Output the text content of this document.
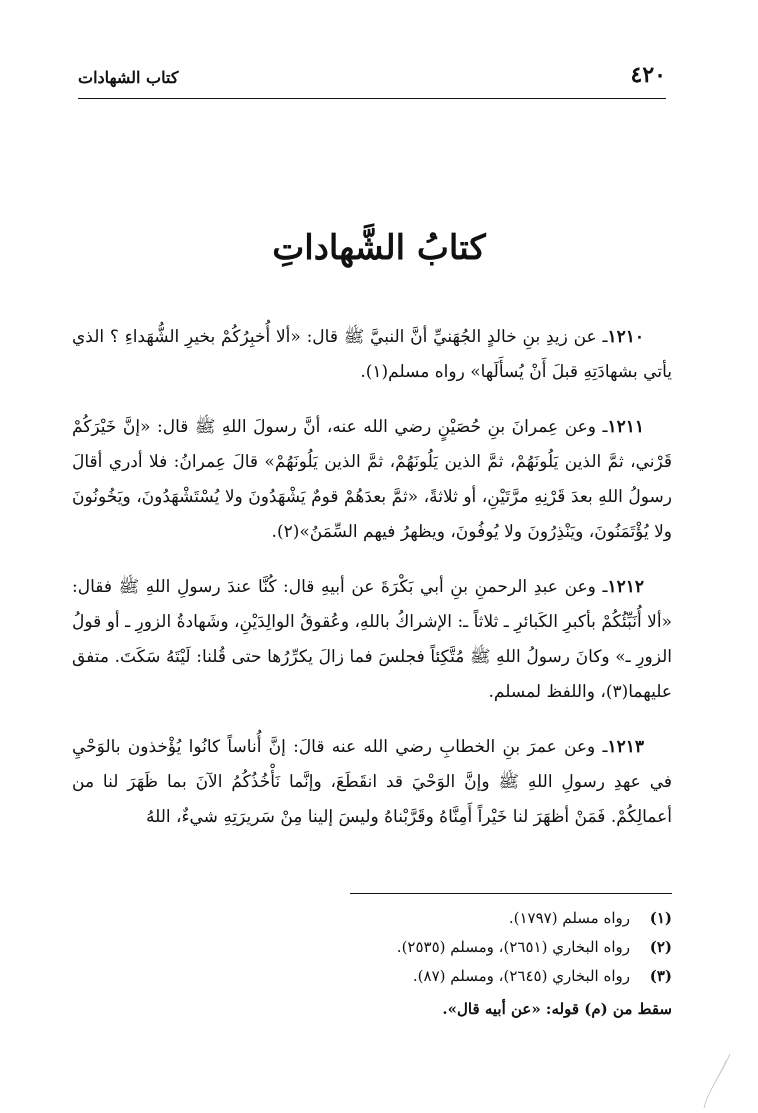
٤٢٠
كتاب الشهادات
كتابُ الشَّهاداتِ

١٢١٠ـ عن زيدِ بنِ خالدٍ الجُهَنيِّ أنَّ النبيَّ ﷺ قال: «ألا أُخبِرُكُمْ بخيرِ الشُّهَداءِ ؟ الذي يأتي بشهادَتِهِ قبلَ أَنْ يُسأَلَها» رواه مسلم(١).

١٢١١ـ وعن عِمرانَ بنِ حُصَيْنٍ رضي الله عنه، أنَّ رسولَ اللهِ ﷺ قال: «إنَّ خَيْرَكُمْ قَرْني، ثمَّ الذين يَلُونَهُمْ، ثمَّ الذين يَلُونَهُمْ، ثمَّ الذين يَلُونَهُمْ» قالَ عِمرانُ: فلا أدري أقالَ رسولُ اللهِ بعدَ قَرْنِهِ مرَّتَيْنِ، أو ثلاثةً، «ثمَّ بعدَهُمْ قومٌ يَشْهَدُونَ ولا يُسْتَشْهَدُونَ، ويَخُونُونَ ولا يُؤْتَمَنُونَ، ويَنْذِرُونَ ولا يُوفُونَ، ويظهرُ فيهم السِّمَنُ»(٢).

١٢١٢ـ وعن عبدِ الرحمنِ بنِ أبي بَكْرَةَ عن أبيهِ قال: كُنَّا عندَ رسولِ اللهِ ﷺ فقال: «ألا أُنَبِّئُكُمْ بأكبرِ الكَبائرِ ـ ثلاثاً ـ: الإشراكُ باللهِ، وعُقوقُ الوالِدَيْنِ، وشَهادةُ الزورِ ـ أو قولُ الزورِ ـ» وكانَ رسولُ اللهِ ﷺ مُتَّكِئاً فجلسَ فما زالَ يكرِّرُها حتى قُلنا: لَيْتَهُ سَكَتَ. متفق عليهما(٣)، واللفظ لمسلم.

١٢١٣ـ وعن عمرَ بنِ الخطابِ رضي الله عنه قالَ: إنَّ أُناساً كانُوا يُؤْخذون بالوَحْيِ في عهدِ رسولِ اللهِ ﷺ وإنَّ الوَحْيَ قد انقَطَعَ، وإنَّما نَأْخُذُكُمُ الآنَ بما ظَهَرَ لنا من أعمالِكُمْ. فَمَنْ أظهَرَ لنا خَيْراً أَمِنَّاهُ وقَرَّبْناهُ وليسَ إلينا مِنْ سَريرَتِهِ شيءٌ، اللهُ

(١)رواه مسلم (١٧٩٧).

(٢)رواه البخاري (٢٦٥١)، ومسلم (٢٥٣٥).

(٣)رواه البخاري (٢٦٤٥)، ومسلم (٨٧).

سقط من (م) قوله: «عن أبيه قال».
